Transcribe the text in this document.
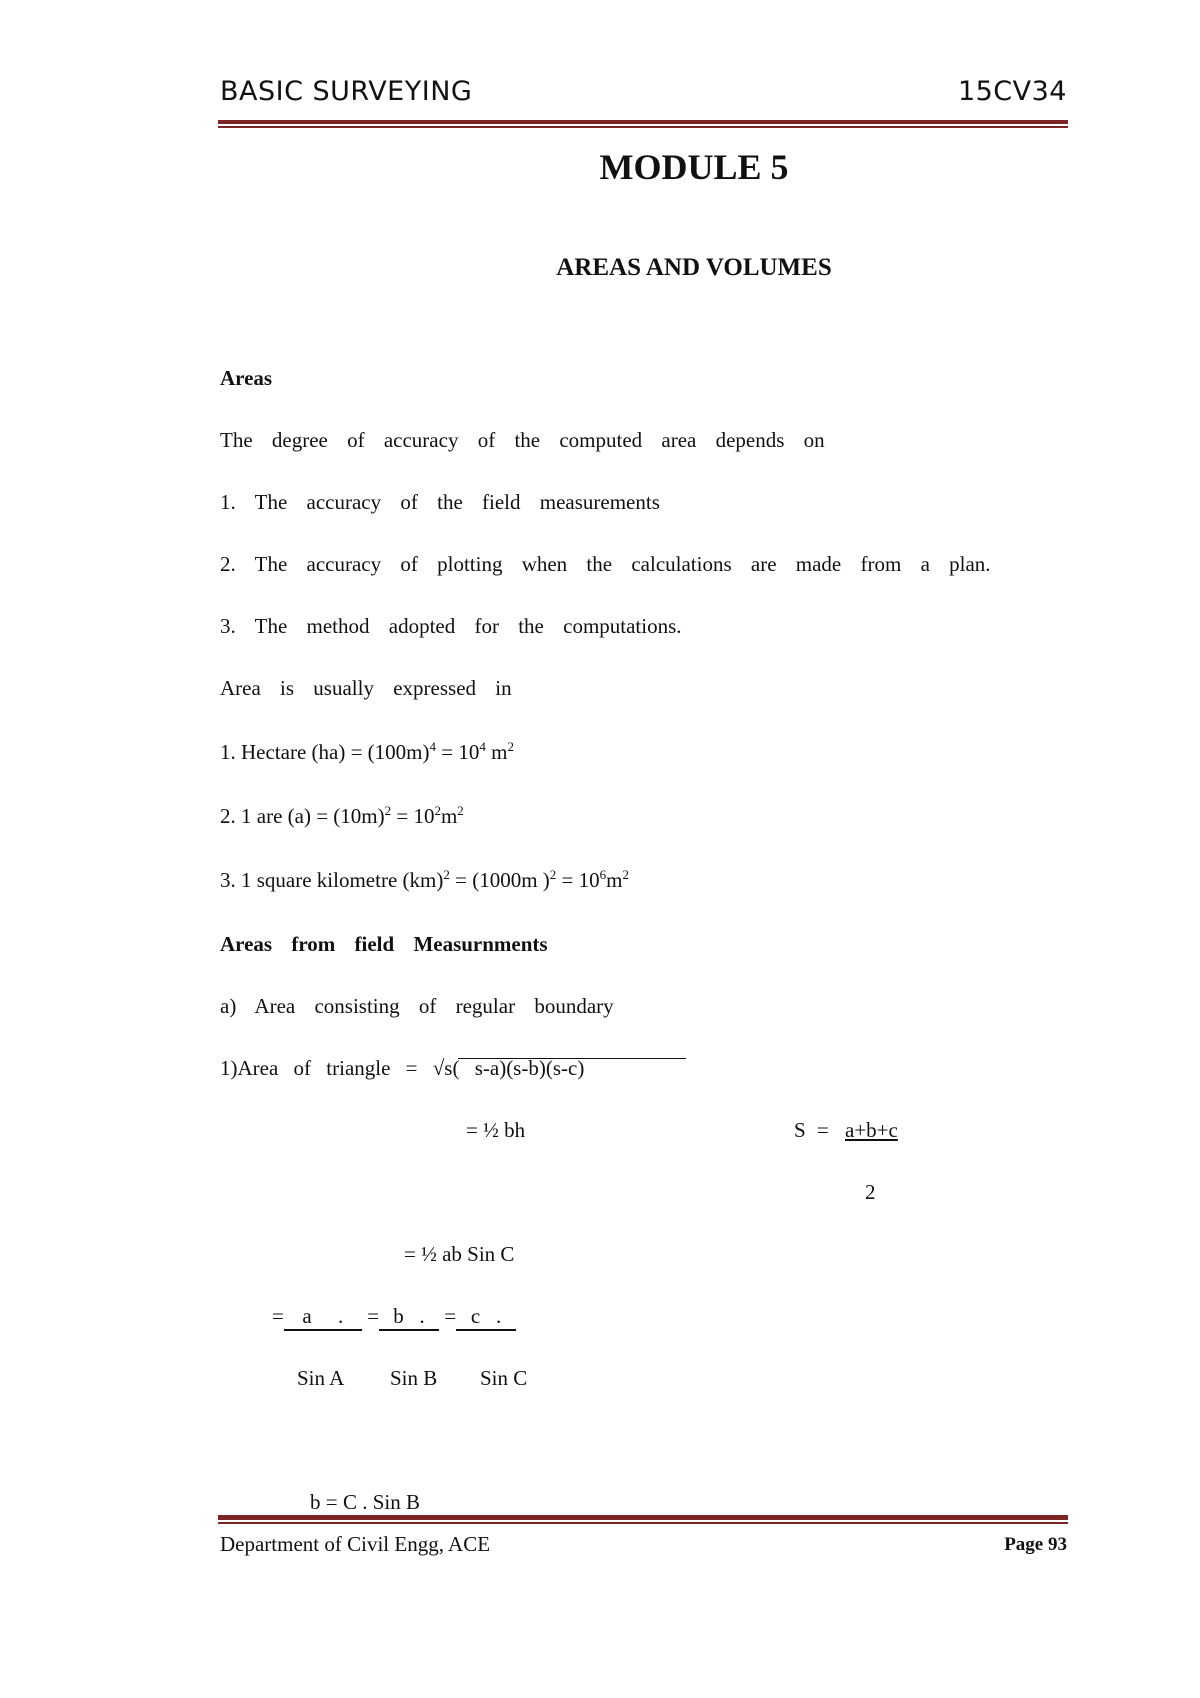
BASIC SURVEYING	15CV34
MODULE 5
AREAS AND VOLUMES
Areas
The degree of accuracy of the computed area depends on
1. The accuracy of the field measurements
2. The accuracy of plotting when the calculations are made from a plan.
3. The method adopted for the computations.
Area is usually expressed in
1. Hectare $(ha) = (100m)^4 = 10^4$ $m^2$
2. 1 are $(a) = (10m)^2 = 10^2m^2$
3. 1 square kilometre (km)$^2$ = (1000m )$^2 = 10^6m^2$
Areas from field Measurnments
a) Area consisting of regular boundary
1)Area of triangle = √s( s-a)(s-b)(s-c)
= ½ bh	S = a+b+c
2
= ½ ab Sin C
= a . = b . = c .
Sin A Sin B Sin C
b = C . Sin B
Department of Civil Engg, ACE	Page 93
